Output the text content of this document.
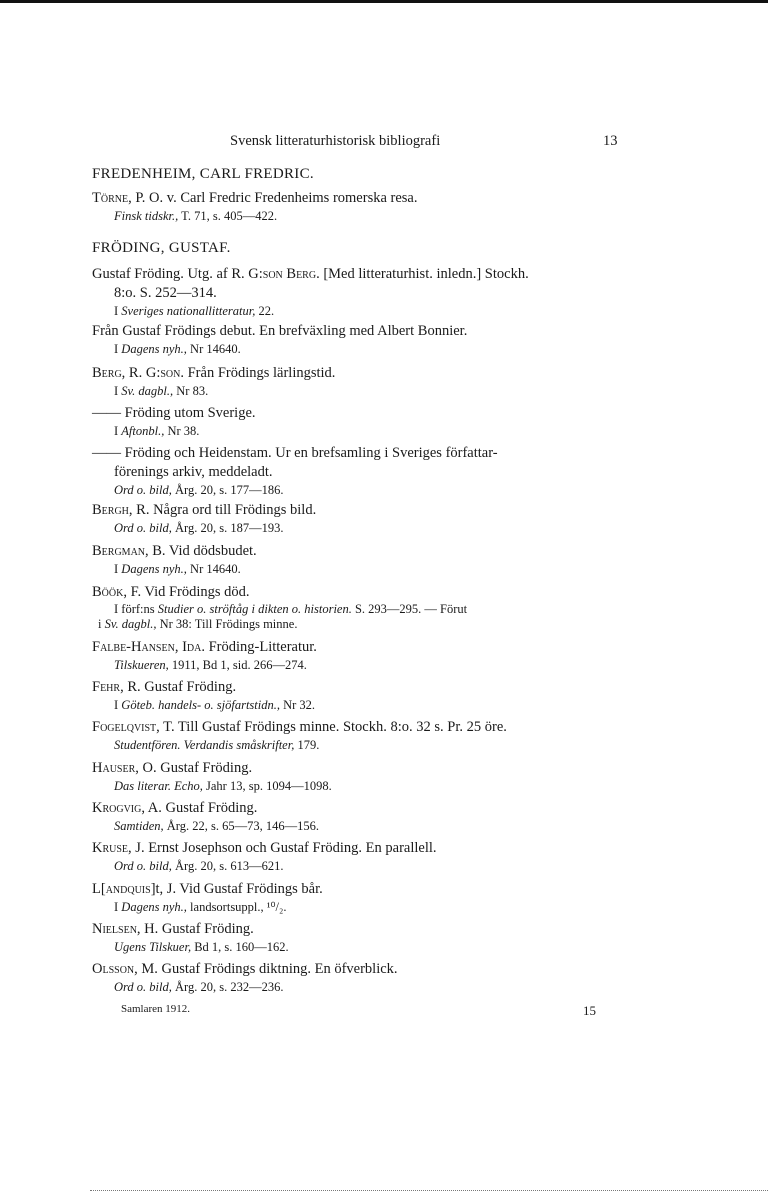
Svensk litteraturhistorisk bibliografi	13
FREDENHEIM, CARL FREDRIC.
Törne, P. O. v. Carl Fredric Fredenheims romerska resa.
Finsk tidskr., T. 71, s. 405—422.
FRÖDING, GUSTAF.
Gustaf Fröding. Utg. af R. G:son Berg. [Med litteraturhist. inledn.] Stockh.
8:o. S. 252—314.
I Sveriges nationallitteratur, 22.
Från Gustaf Frödings debut. En brefväxling med Albert Bonnier.
I Dagens nyh., Nr 14640.
Berg, R. G:son. Från Frödings lärlingstid.
I Sv. dagbl., Nr 83.
—— Fröding utom Sverige.
I Aftonbl., Nr 38.
—— Fröding och Heidenstam. Ur en brefsamling i Sveriges författar-
förenings arkiv, meddeladt.
Ord o. bild, Årg. 20, s. 177—186.
Bergh, R. Några ord till Frödings bild.
Ord o. bild, Årg. 20, s. 187—193.
Bergman, B. Vid dödsbudet.
I Dagens nyh., Nr 14640.
Böök, F. Vid Frödings död.
I förf:ns Studier o. ströftåg i dikten o. historien. S. 293—295. — Förut
i Sv. dagbl., Nr 38: Till Frödings minne.
Falbe-Hansen, Ida. Fröding-Litteratur.
Tilskueren, 1911, Bd 1, sid. 266—274.
Fehr, R. Gustaf Fröding.
I Göteb. handels- o. sjöfartstidn., Nr 32.
Fogelqvist, T. Till Gustaf Frödings minne. Stockh. 8:o. 32 s. Pr. 25 öre.
Studentfören. Verdandis småskrifter, 179.
Hauser, O. Gustaf Fröding.
Das literar. Echo, Jahr 13, sp. 1094—1098.
Krogvig, A. Gustaf Fröding.
Samtiden, Årg. 22, s. 65—73, 146—156.
Kruse, J. Ernst Josephson och Gustaf Fröding. En parallell.
Ord o. bild, Årg. 20, s. 613—621.
L[andquis]t, J. Vid Gustaf Frödings bår.
I Dagens nyh., landsortsuppl., ¹⁰/₂.
Nielsen, H. Gustaf Fröding.
Ugens Tilskuer, Bd 1, s. 160—162.
Olsson, M. Gustaf Frödings diktning. En öfverblick.
Ord o. bild, Årg. 20, s. 232—236.
Samlaren 1912.	15
